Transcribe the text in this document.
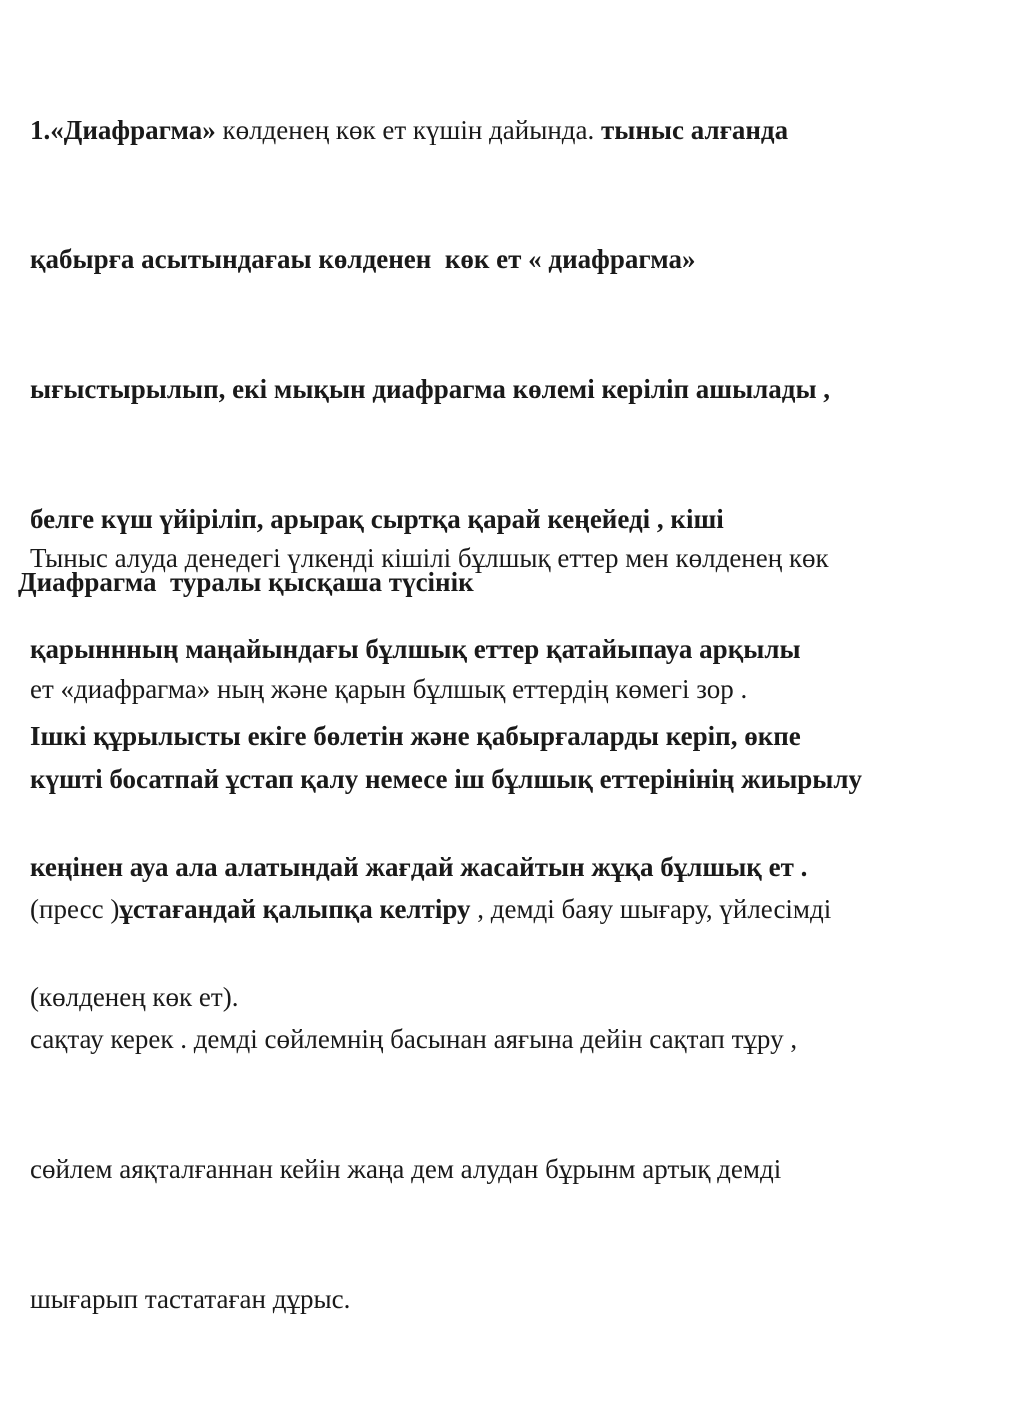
1.«Диафрагма» көлденең көк ет күшін дайында. тыныс алғанда

қабырға асытындағаы көлденен  көк ет « диафрагма»

ығыстырылып, екі мықын диафрагма көлемі керіліп ашылады ,

белге күш үйіріліп, арырақ сыртқа қарай кеңейеді , кіші

қарыннның маңайындағы бұлшық еттер қатайыпауа арқылы

күшті босатпай ұстап қалу немесе іш бұлшық еттерінінің жиырылу

(пресс )ұстағандай қалыпқа келтіру , демді баяу шығару, үйлесімді

сақтау керек . демді сөйлемнің басынан аяғына дейін сақтап тұру ,

сөйлем аяқталғаннан кейін жаңа дем алудан бұрынм артық демді

шығарып тастатаған дұрыс.

Тыныс алуда денедегі үлкенді кішілі бұлшық еттер мен көлденең көк

ет «диафрагма» ның және қарын бұлшық еттердің көмегі зор .

Диафрагма  туралы қысқаша түсінік

Ішкі құрылысты екіге бөлетін және қабырғаларды керіп, өкпе

кеңінен ауа ала алатындай жағдай жасайтын жұқа бұлшық ет .

(көлденең көк ет).
